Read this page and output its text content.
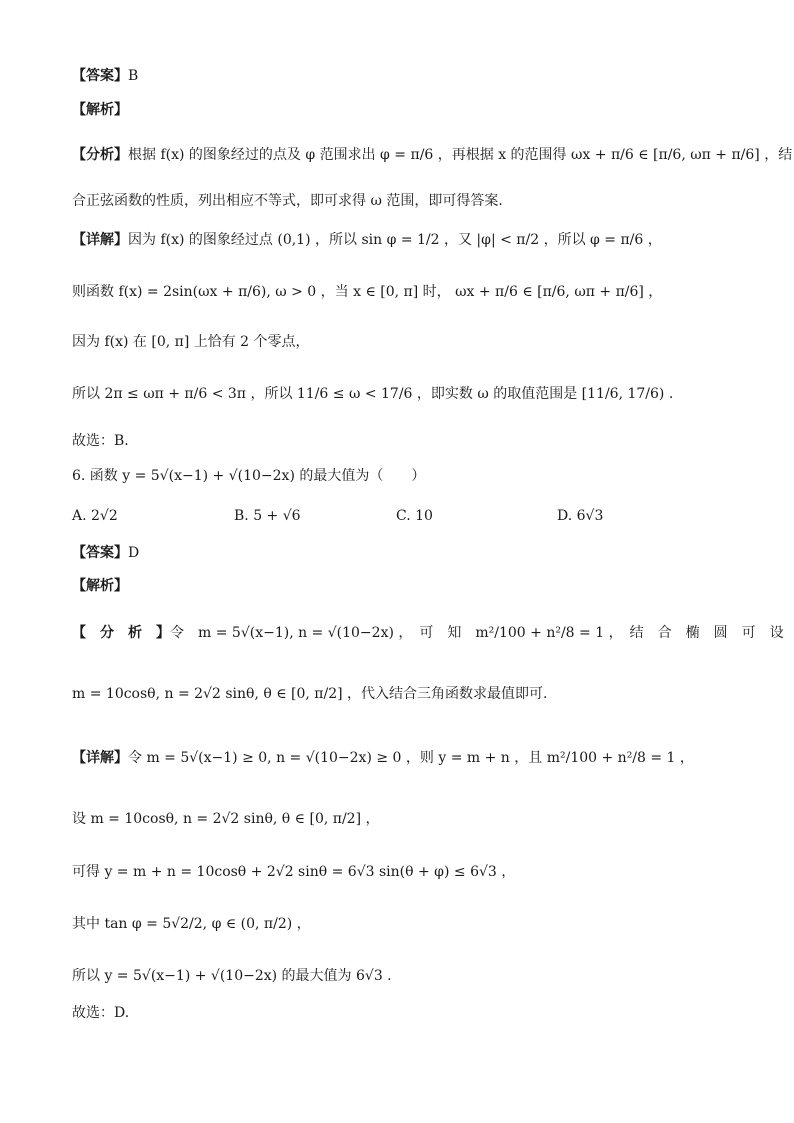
【答案】B
【解析】
【分析】根据 f(x) 的图象经过的点及 φ 范围求出 φ = π/6 ，再根据 x 的范围得 ωx + π/6 ∈ [π/6, ωπ + π/6] ，结
合正弦函数的性质，列出相应不等式，即可求得 ω 范围，即可得答案.
【详解】因为 f(x) 的图象经过点 (0,1) ，所以 sin φ = 1/2 ，又 |φ| < π/2 ，所以 φ = π/6 ，
则函数 f(x) = 2sin(ωx + π/6), ω > 0 ，当 x ∈ [0, π] 时， ωx + π/6 ∈ [π/6, ωπ + π/6] ，
因为 f(x) 在 [0, π] 上恰有 2 个零点，
所以 2π ≤ ωπ + π/6 < 3π ，所以 11/6 ≤ ω < 17/6 ，即实数 ω 的取值范围是 [11/6, 17/6) .
故选：B.
6. 函数 y = 5√(x−1) + √(10−2x) 的最大值为（　　）
A. 2√2	B. 5 + √6	C. 10	D. 6√3
【答案】D
【解析】
【　分　析　】令　m = 5√(x−1), n = √(10−2x) ，　可　知　m²/100 + n²/8 = 1 ，　结　合　椭　圆　可　设
m = 10cosθ, n = 2√2 sinθ, θ ∈ [0, π/2] ，代入结合三角函数求最值即可.
【详解】令 m = 5√(x−1) ≥ 0, n = √(10−2x) ≥ 0 ，则 y = m + n ，且 m²/100 + n²/8 = 1 ，
设 m = 10cosθ, n = 2√2 sinθ, θ ∈ [0, π/2] ，
可得 y = m + n = 10cosθ + 2√2 sinθ = 6√3 sin(θ + φ) ≤ 6√3 ，
其中 tan φ = 5√2/2, φ ∈ (0, π/2) ，
所以 y = 5√(x−1) + √(10−2x) 的最大值为 6√3 .
故选：D.
